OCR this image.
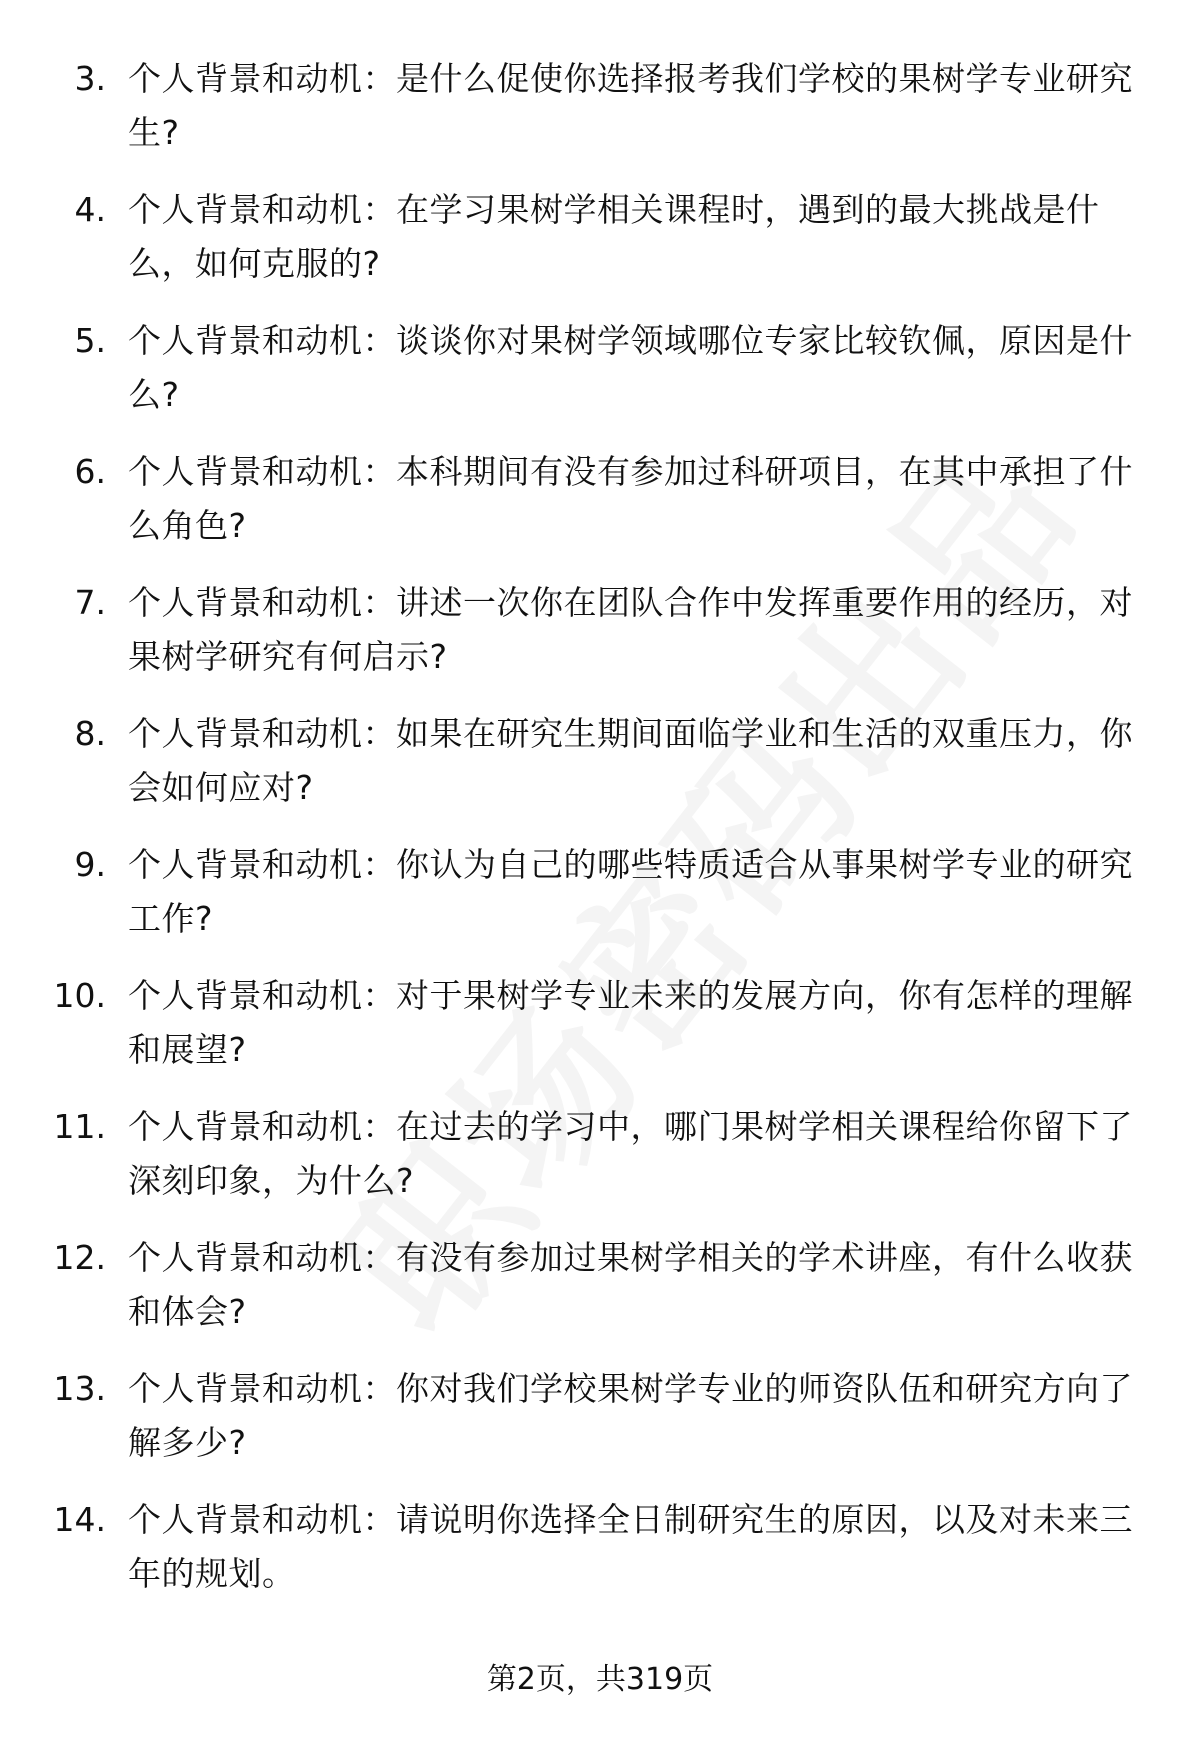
3. 个人背景和动机：是什么促使你选择报考我们学校的果树学专业研究生?
4. 个人背景和动机：在学习果树学相关课程时，遇到的最大挑战是什么，如何克服的?
5. 个人背景和动机：谈谈你对果树学领域哪位专家比较钦佩，原因是什么?
6. 个人背景和动机：本科期间有没有参加过科研项目，在其中承担了什么角色?
7. 个人背景和动机：讲述一次你在团队合作中发挥重要作用的经历，对果树学研究有何启示?
8. 个人背景和动机：如果在研究生期间面临学业和生活的双重压力，你会如何应对?
9. 个人背景和动机：你认为自己的哪些特质适合从事果树学专业的研究工作?
10. 个人背景和动机：对于果树学专业未来的发展方向，你有怎样的理解和展望?
11. 个人背景和动机：在过去的学习中，哪门果树学相关课程给你留下了深刻印象，为什么?
12. 个人背景和动机：有没有参加过果树学相关的学术讲座，有什么收获和体会?
13. 个人背景和动机：你对我们学校果树学专业的师资队伍和研究方向了解多少?
14. 个人背景和动机：请说明你选择全日制研究生的原因，以及对未来三年的规划。
第2页，共319页
